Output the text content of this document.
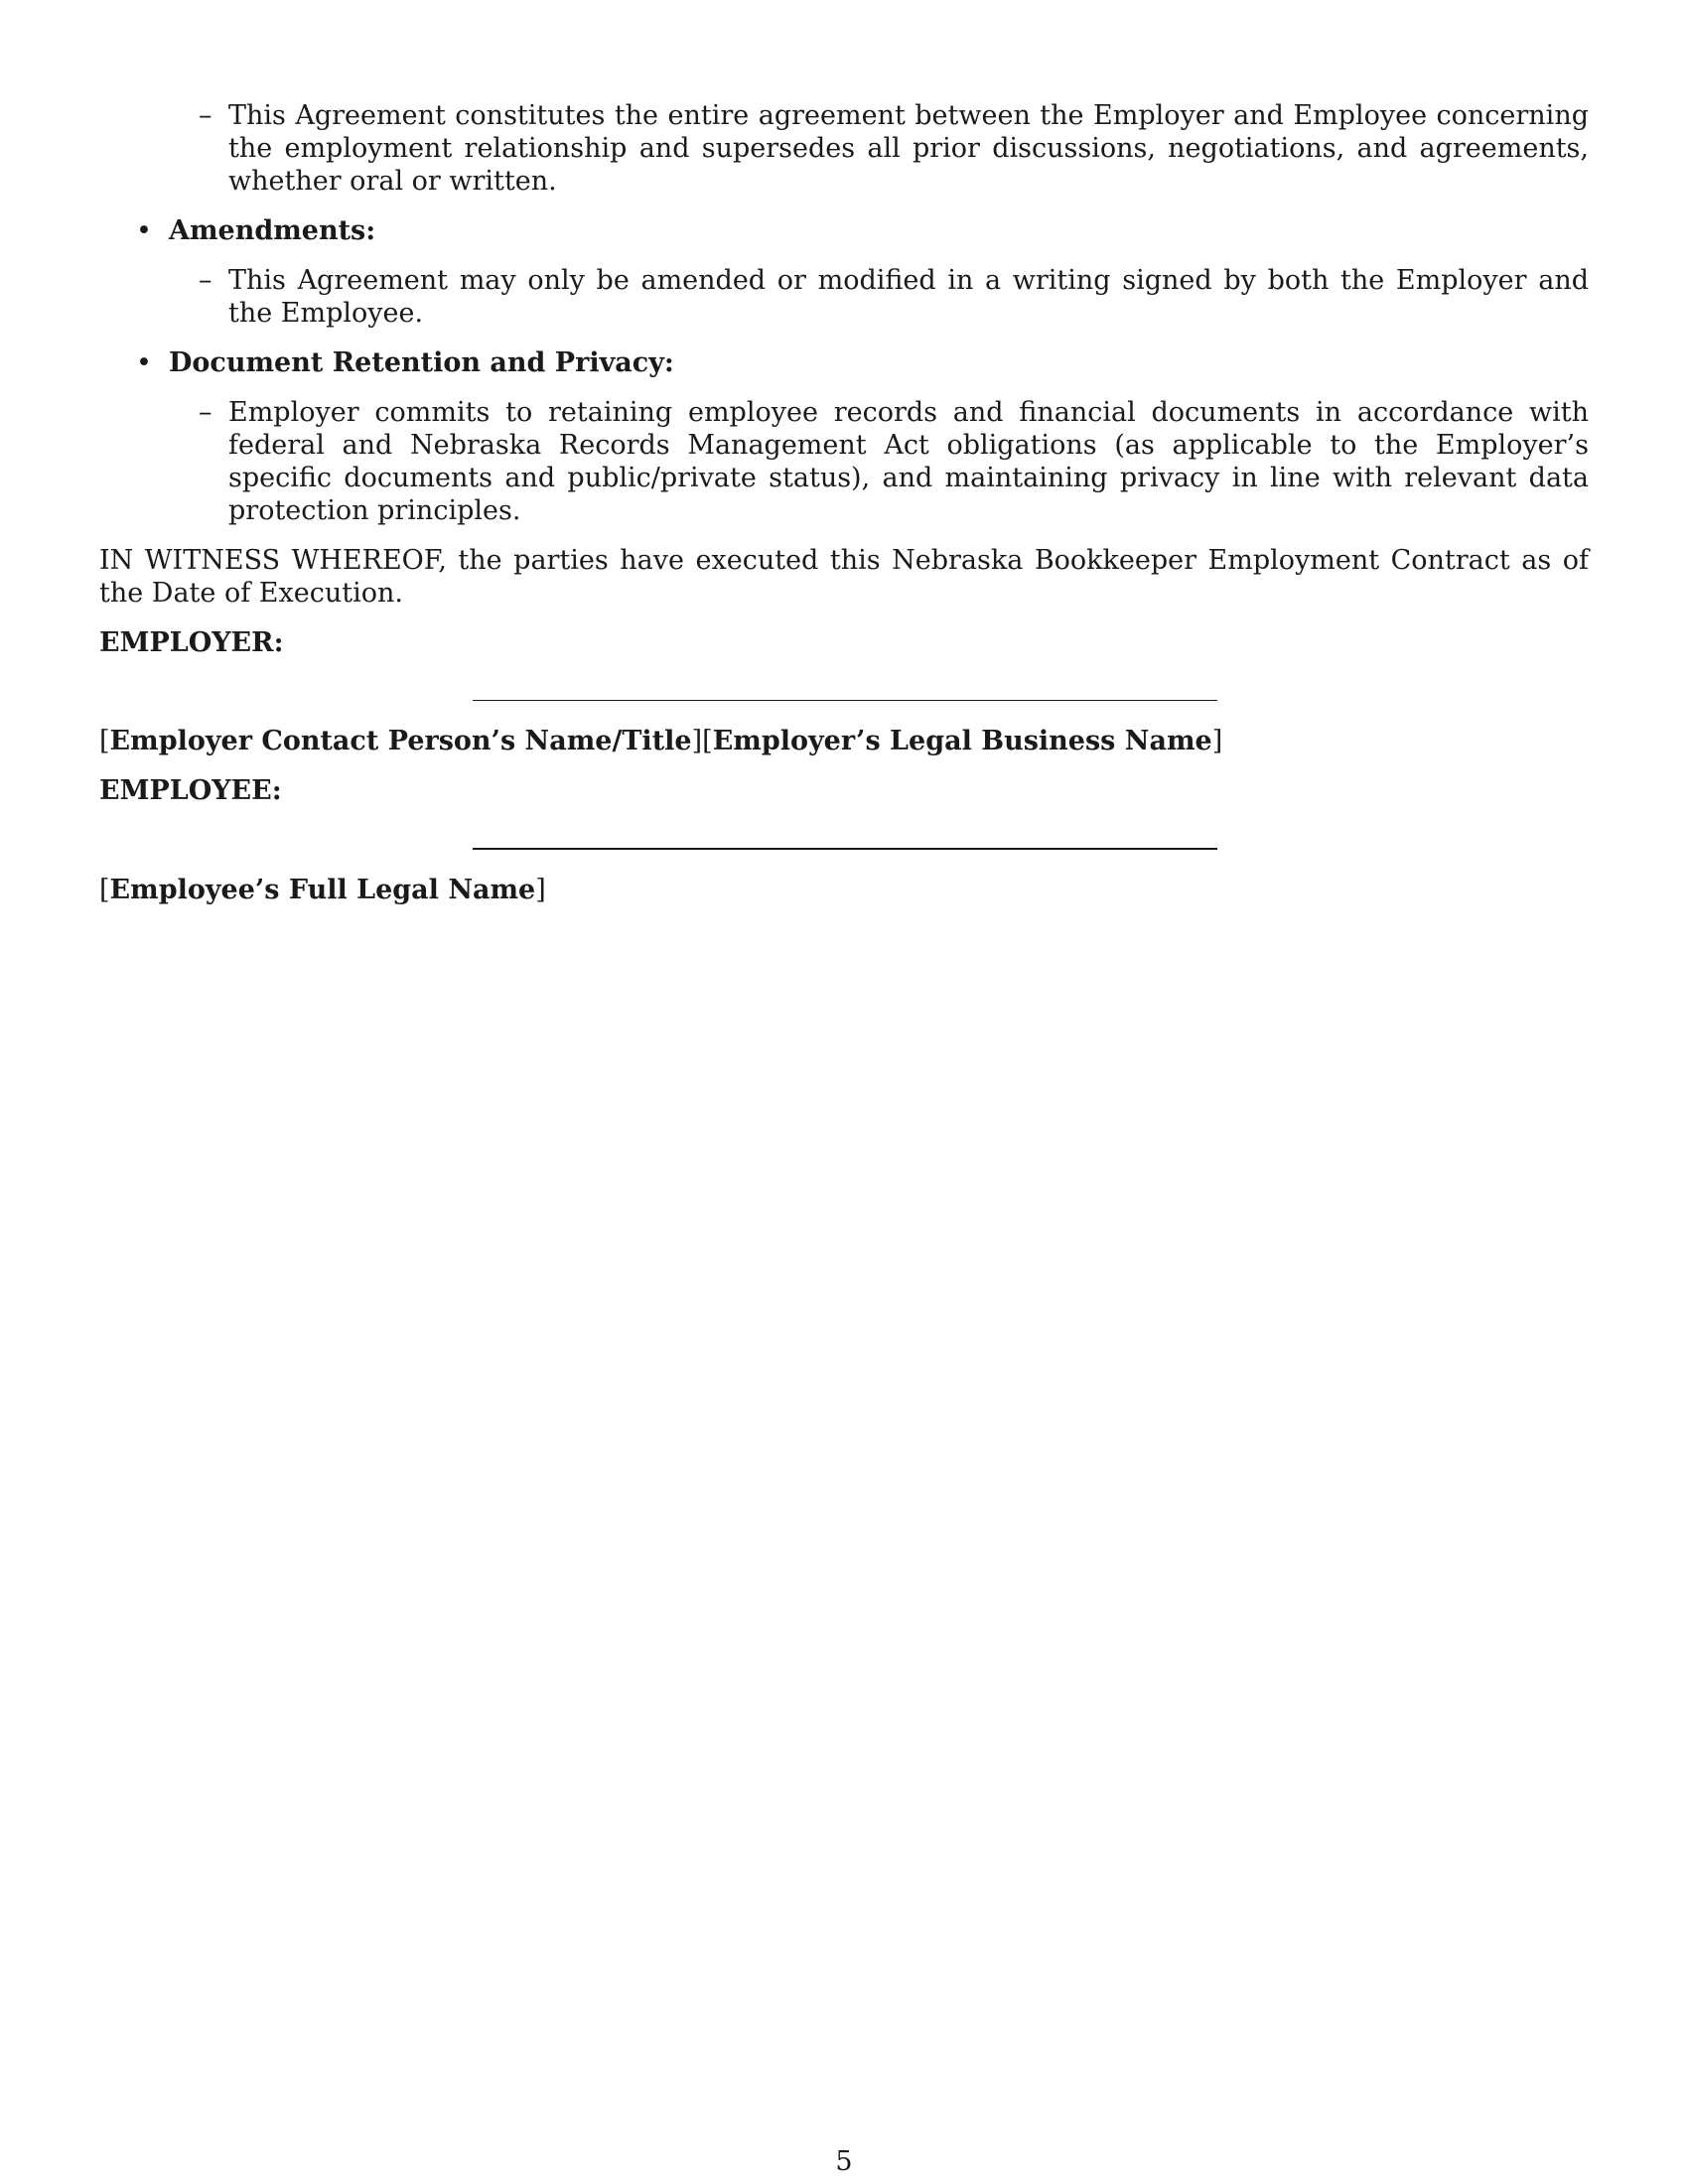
– This Agreement constitutes the entire agreement between the Employer and Employee concerning the employment relationship and supersedes all prior discussions, negotiations, and agreements, whether oral or written.
• Amendments:
– This Agreement may only be amended or modified in a writing signed by both the Employer and the Employee.
• Document Retention and Privacy:
– Employer commits to retaining employee records and financial documents in accordance with federal and Nebraska Records Management Act obligations (as applicable to the Employer’s specific documents and public/private status), and maintaining privacy in line with relevant data protection principles.
IN WITNESS WHEREOF, the parties have executed this Nebraska Bookkeeper Employment Contract as of the Date of Execution.
EMPLOYER:
[Employer Contact Person’s Name/Title][Employer’s Legal Business Name]
EMPLOYEE:
[Employee’s Full Legal Name]
5
